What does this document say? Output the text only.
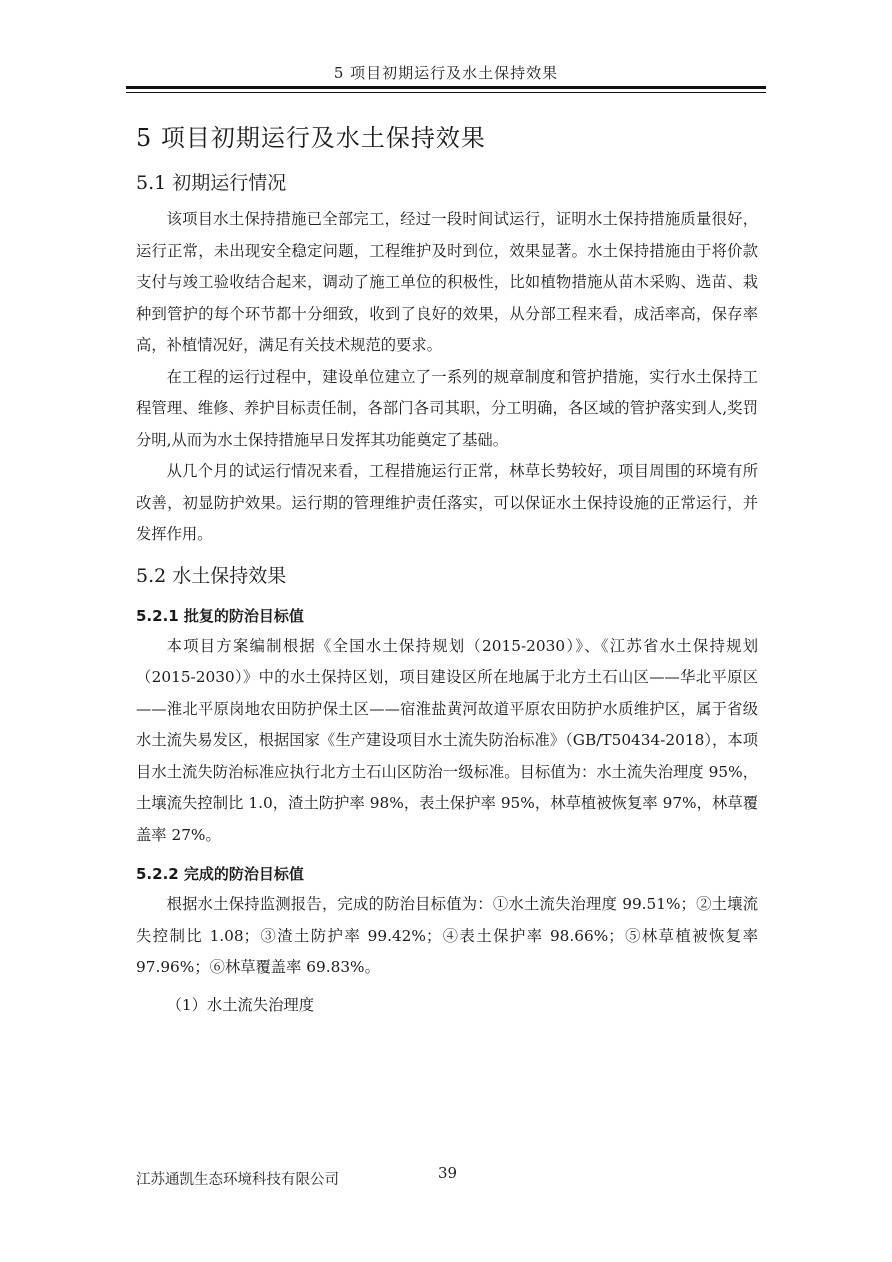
5 项目初期运行及水土保持效果
5 项目初期运行及水土保持效果
5.1 初期运行情况

该项目水土保持措施已全部完工，经过一段时间试运行，证明水土保持措施质量很好，运行正常，未出现安全稳定问题，工程维护及时到位，效果显著。水土保持措施由于将价款支付与竣工验收结合起来，调动了施工单位的积极性，比如植物措施从苗木采购、选苗、栽种到管护的每个环节都十分细致，收到了良好的效果，从分部工程来看，成活率高，保存率高，补植情况好，满足有关技术规范的要求。

在工程的运行过程中，建设单位建立了一系列的规章制度和管护措施，实行水土保持工程管理、维修、养护目标责任制，各部门各司其职，分工明确，各区域的管护落实到人,奖罚分明,从而为水土保持措施早日发挥其功能奠定了基础。

从几个月的试运行情况来看，工程措施运行正常，林草长势较好，项目周围的环境有所改善，初显防护效果。运行期的管理维护责任落实，可以保证水土保持设施的正常运行，并发挥作用。

5.2 水土保持效果
5.2.1 批复的防治目标值

本项目方案编制根据《全国水土保持规划（2015-2030）》、《江苏省水土保持规划（2015-2030）》中的水土保持区划，项目建设区所在地属于北方土石山区——华北平原区——淮北平原岗地农田防护保土区——宿淮盐黄河故道平原农田防护水质维护区，属于省级水土流失易发区，根据国家《生产建设项目水土流失防治标准》（GB/T50434-2018），本项目水土流失防治标准应执行北方土石山区防治一级标准。目标值为：水土流失治理度 95%，土壤流失控制比 1.0，渣土防护率 98%，表土保护率 95%，林草植被恢复率 97%，林草覆盖率 27%。

5.2.2 完成的防治目标值

根据水土保持监测报告，完成的防治目标值为：①水土流失治理度 99.51%；②土壤流失控制比 1.08；③渣土防护率 99.42%；④表土保护率 98.66%；⑤林草植被恢复率 97.96%；⑥林草覆盖率 69.83%。

（1）水土流失治理度
江苏通凯生态环境科技有限公司	39
